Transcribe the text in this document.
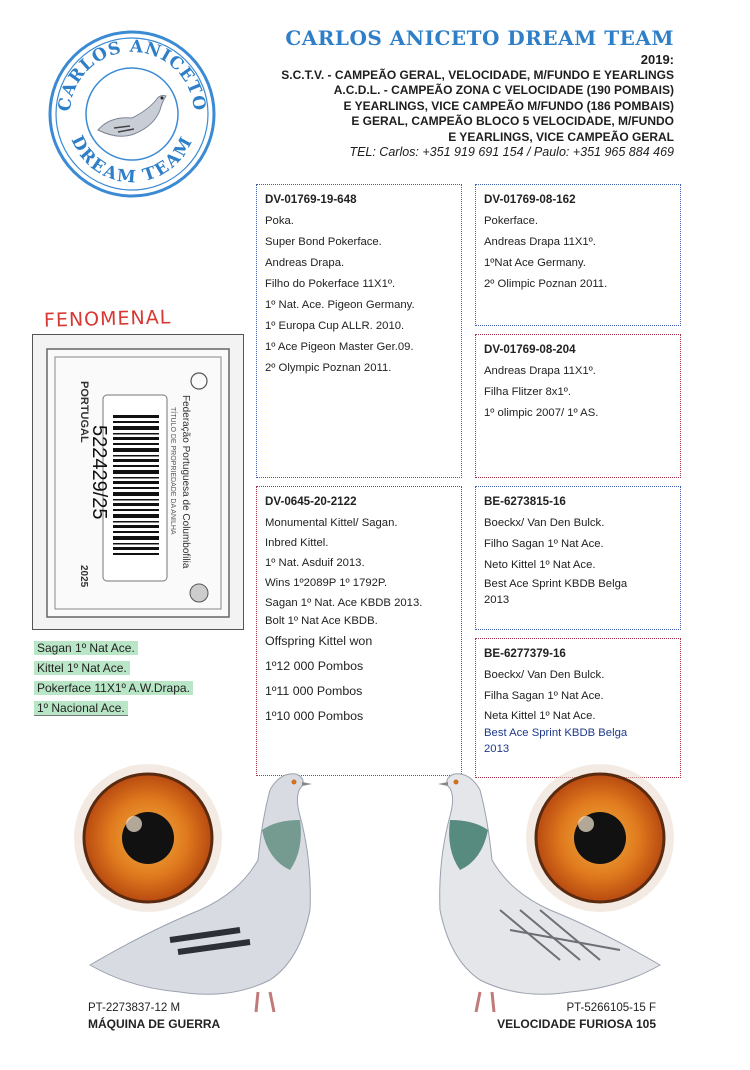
CARLOS ANICETO
DREAM TEAM
CARLOS ANICETO DREAM TEAM
2019:
S.C.T.V. - CAMPEÃO GERAL, VELOCIDADE, M/FUNDO E YEARLINGS
A.C.D.L. - CAMPEÃO ZONA C VELOCIDADE (190 POMBAIS)
E YEARLINGS, VICE CAMPEÃO M/FUNDO (186 POMBAIS)
E GERAL, CAMPEÃO BLOCO 5 VELOCIDADE, M/FUNDO
E YEARLINGS, VICE CAMPEÃO GERAL
TEL: Carlos: +351 919 691 154 / Paulo: +351 965 884 469
DV-01769-19-648
Poka.
Super Bond Pokerface.
Andreas Drapa.
Filho do Pokerface 11X1º.
1º Nat. Ace. Pigeon Germany.
1º Europa Cup ALLR. 2010.
1º Ace Pigeon Master Ger.09.
2º Olympic Poznan 2011.
DV-01769-08-162
Pokerface.
Andreas Drapa 11X1º.
1ºNat Ace Germany.
2º Olimpic Poznan 2011.
DV-01769-08-204
Andreas Drapa 11X1º.
Filha Flitzer 8x1º.
1º olimpic 2007/ 1º AS.
DV-0645-20-2122
Monumental Kittel/ Sagan.
Inbred Kittel.
1º Nat. Asduif 2013.
Wins 1º2089P 1º 1792P.
Sagan 1º Nat. Ace KBDB 2013.
Bolt 1º Nat Ace KBDB.
Offspring Kittel won
1º12 000 Pombos
1º11 000 Pombos
1º10 000 Pombos
BE-6273815-16
Boeckx/ Van Den Bulck.
Filho Sagan 1º Nat Ace.
Neto Kittel 1º Nat Ace.
Best Ace Sprint KBDB Belga
2013
BE-6277379-16
Boeckx/ Van Den Bulck.
Filha Sagan 1º Nat Ace.
Neta Kittel 1º Nat Ace.
Best Ace Sprint KBDB Belga
2013
FENOMENAL
Federação Portuguesa de Columbofilia
TÍTULO DE PROPRIEDADE DA ANILHA
PORTUGAL
522429/25
2025
Sagan 1º Nat Ace.
Kittel 1º Nat Ace.
Pokerface 11X1º A.W.Drapa.
1º Nacional Ace.
PT-2273837-12 M
MÁQUINA DE GUERRA
PT-5266105-15 F
VELOCIDADE FURIOSA 105
